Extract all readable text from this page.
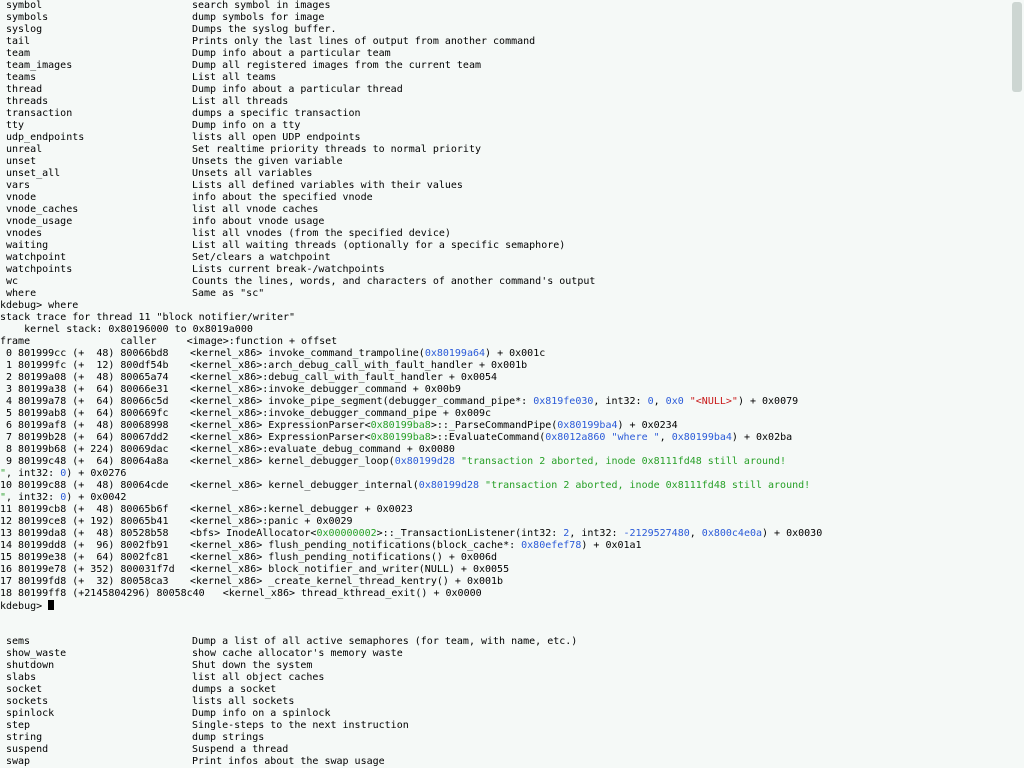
symbol	search symbol in images
symbols	dump symbols for image
syslog	Dumps the syslog buffer.
tail	Prints only the last lines of output from another command
team	Dump info about a particular team
team_images	Dump all registered images from the current team
teams	List all teams
thread	Dump info about a particular thread
threads	List all threads
transaction	dumps a specific transaction
tty	Dump info on a tty
udp_endpoints	lists all open UDP endpoints
unreal	Set realtime priority threads to normal priority
unset	Unsets the given variable
unset_all	Unsets all variables
vars	Lists all defined variables with their values
vnode	info about the specified vnode
vnode_caches	list all vnode caches
vnode_usage	info about vnode usage
vnodes	list all vnodes (from the specified device)
waiting	List all waiting threads (optionally for a specific semaphore)
watchpoint	Set/clears a watchpoint
watchpoints	Lists current break-/watchpoints
wc	Counts the lines, words, and characters of another command's output
where	Same as "sc"
kdebug> where
stack trace for thread 11 "block notifier/writer"
kernel stack: 0x80196000 to 0x8019a000
frame               caller     <image>:function + offset
0 801999cc (+  48) 80066bd8 <kernel_x86> invoke_command_trampoline(0x80199a64) + 0x001c
1 801999fc (+  12) 800df54b <kernel_x86>:arch_debug_call_with_fault_handler + 0x001b
2 80199a08 (+  48) 80065a74 <kernel_x86>:debug_call_with_fault_handler + 0x0054
3 80199a38 (+  64) 80066e31 <kernel_x86>:invoke_debugger_command + 0x00b9
4 80199a78 (+  64) 80066c5d <kernel_x86> invoke_pipe_segment(debugger_command_pipe*: 0x819fe030, int32: 0, 0x0 "<NULL>") + 0x0079
5 80199ab8 (+  64) 800669fc <kernel_x86>:invoke_debugger_command_pipe + 0x009c
6 80199af8 (+  48) 80068998 <kernel_x86> ExpressionParser<0x80199ba8>::_ParseCommandPipe(0x80199ba4) + 0x0234
7 80199b28 (+  64) 80067dd2 <kernel_x86> ExpressionParser<0x80199ba8>::EvaluateCommand(0x8012a860 "where ", 0x80199ba4) + 0x02ba
8 80199b68 (+ 224) 80069dac <kernel_x86>:evaluate_debug_command + 0x0080
9 80199c48 (+  64) 80064a8a <kernel_x86> kernel_debugger_loop(0x80199d28 "transaction 2 aborted, inode 0x8111fd48 still around!
", int32: 0) + 0x0276
10 80199c88 (+  48) 80064cde <kernel_x86> kernel_debugger_internal(0x80199d28 "transaction 2 aborted, inode 0x8111fd48 still around!
", int32: 0) + 0x0042
11 80199cb8 (+  48) 80065b6f <kernel_x86>:kernel_debugger + 0x0023
12 80199ce8 (+ 192) 80065b41 <kernel_x86>:panic + 0x0029
13 80199da8 (+  48) 80528b58 <bfs> InodeAllocator<0x00000002>::_TransactionListener(int32: 2, int32: -2129527480, 0x800c4e0a) + 0x0030
14 80199dd8 (+  96) 8002fb91 <kernel_x86> flush_pending_notifications(block_cache*: 0x80efef78) + 0x01a1
15 80199e38 (+  64) 8002fc81 <kernel_x86> flush_pending_notifications() + 0x006d
16 80199e78 (+ 352) 800031f7d <kernel_x86> block_notifier_and_writer(NULL) + 0x0055
17 80199fd8 (+  32) 80058ca3 <kernel_x86> _create_kernel_thread_kentry() + 0x001b
18 80199ff8 (+2145804296) 80058c40   <kernel_x86> thread_kthread_exit() + 0x0000
kdebug>
sems	Dump a list of all active semaphores (for team, with name, etc.)
show_waste	show cache allocator's memory waste
shutdown	Shut down the system
slabs	list all object caches
socket	dumps a socket
sockets	lists all sockets
spinlock	Dump info on a spinlock
step	Single-steps to the next instruction
string	dump strings
suspend	Suspend a thread
swap	Print infos about the swap usage
